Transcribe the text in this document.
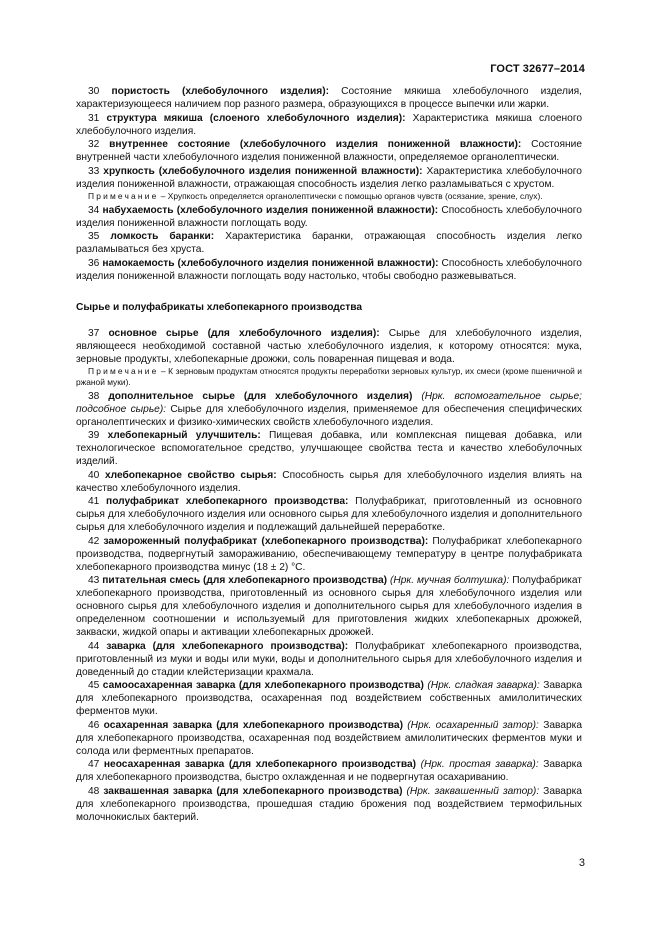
ГОСТ 32677–2014
30 пористость (хлебобулочного изделия): Состояние мякиша хлебобулочного изделия, характеризующееся наличием пор разного размера, образующихся в процессе выпечки или жарки.
31 структура мякиша (слоеного хлебобулочного изделия): Характеристика мякиша слоеного хлебобулочного изделия.
32 внутреннее состояние (хлебобулочного изделия пониженной влажности): Состояние внутренней части хлебобулочного изделия пониженной влажности, определяемое органолептически.
33 хрупкость (хлебобулочного изделия пониженной влажности): Характеристика хлебобулочного изделия пониженной влажности, отражающая способность изделия легко разламываться с хрустом.
Примечание – Хрупкость определяется органолептически с помощью органов чувств (осязание, зрение, слух).
34 набухаемость (хлебобулочного изделия пониженной влажности): Способность хлебобулочного изделия пониженной влажности поглощать воду.
35 ломкость баранки: Характеристика баранки, отражающая способность изделия легко разламываться без хруста.
36 намокаемость (хлебобулочного изделия пониженной влажности): Способность хлебобулочного изделия пониженной влажности поглощать воду настолько, чтобы свободно разжевываться.
Сырье и полуфабрикаты хлебопекарного производства
37 основное сырье (для хлебобулочного изделия): Сырье для хлебобулочного изделия, являющееся необходимой составной частью хлебобулочного изделия, к которому относятся: мука, зерновые продукты, хлебопекарные дрожжи, соль поваренная пищевая и вода.
Примечание – К зерновым продуктам относятся продукты переработки зерновых культур, их смеси (кроме пшеничной и ржаной муки).
38 дополнительное сырье (для хлебобулочного изделия) (Нрк. вспомогательное сырье; подсобное сырье): Сырье для хлебобулочного изделия, применяемое для обеспечения специфических органолептических и физико-химических свойств хлебобулочного изделия.
39 хлебопекарный улучшитель: Пищевая добавка, или комплексная пищевая добавка, или технологическое вспомогательное средство, улучшающее свойства теста и качество хлебобулочных изделий.
40 хлебопекарное свойство сырья: Способность сырья для хлебобулочного изделия влиять на качество хлебобулочного изделия.
41 полуфабрикат хлебопекарного производства: Полуфабрикат, приготовленный из основного сырья для хлебобулочного изделия или основного сырья для хлебобулочного изделия и дополнительного сырья для хлебобулочного изделия и подлежащий дальнейшей переработке.
42 замороженный полуфабрикат (хлебопекарного производства): Полуфабрикат хлебопекарного производства, подвергнутый замораживанию, обеспечивающему температуру в центре полуфабриката хлебопекарного производства минус (18 ± 2) °С.
43 питательная смесь (для хлебопекарного производства) (Нрк. мучная болтушка): Полуфабрикат хлебопекарного производства, приготовленный из основного сырья для хлебобулочного изделия или основного сырья для хлебобулочного изделия и дополнительного сырья для хлебобулочного изделия в определенном соотношении и используемый для приготовления жидких хлебопекарных дрожжей, закваски, жидкой опары и активации хлебопекарных дрожжей.
44 заварка (для хлебопекарного производства): Полуфабрикат хлебопекарного производства, приготовленный из муки и воды или муки, воды и дополнительного сырья для хлебобулочного изделия и доведенный до стадии клейстеризации крахмала.
45 самоосахаренная заварка (для хлебопекарного производства) (Нрк. сладкая заварка): Заварка для хлебопекарного производства, осахаренная под воздействием собственных амилолитических ферментов муки.
46 осахаренная заварка (для хлебопекарного производства) (Нрк. осахаренный затор): Заварка для хлебопекарного производства, осахаренная под воздействием амилолитических ферментов муки и солода или ферментных препаратов.
47 неосахаренная заварка (для хлебопекарного производства) (Нрк. простая заварка): Заварка для хлебопекарного производства, быстро охлажденная и не подвергнутая осахариванию.
48 заквашенная заварка (для хлебопекарного производства) (Нрк. заквашенный затор): Заварка для хлебопекарного производства, прошедшая стадию брожения под воздействием термофильных молочнокислых бактерий.
3
